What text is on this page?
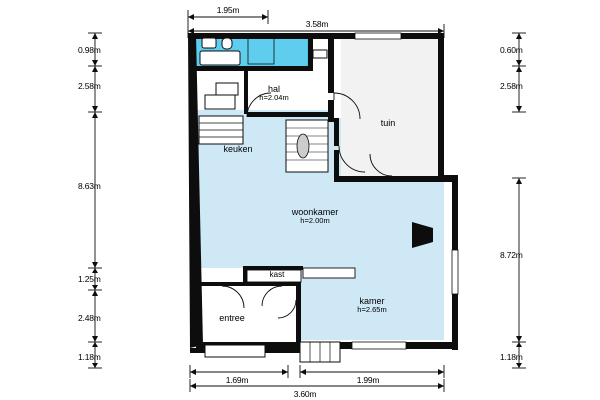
hal
h=2.04m
tuin
keuken
woonkamer
h=2.00m
kamer
h=2.65m
entree
kast
1.95m
3.58m
1.69m	1.99m
3.60m
0.98m
2.58m
8.63m
1.25m
2.48m
1.18m
0.60m
2.58m
8.72m
1.18m
